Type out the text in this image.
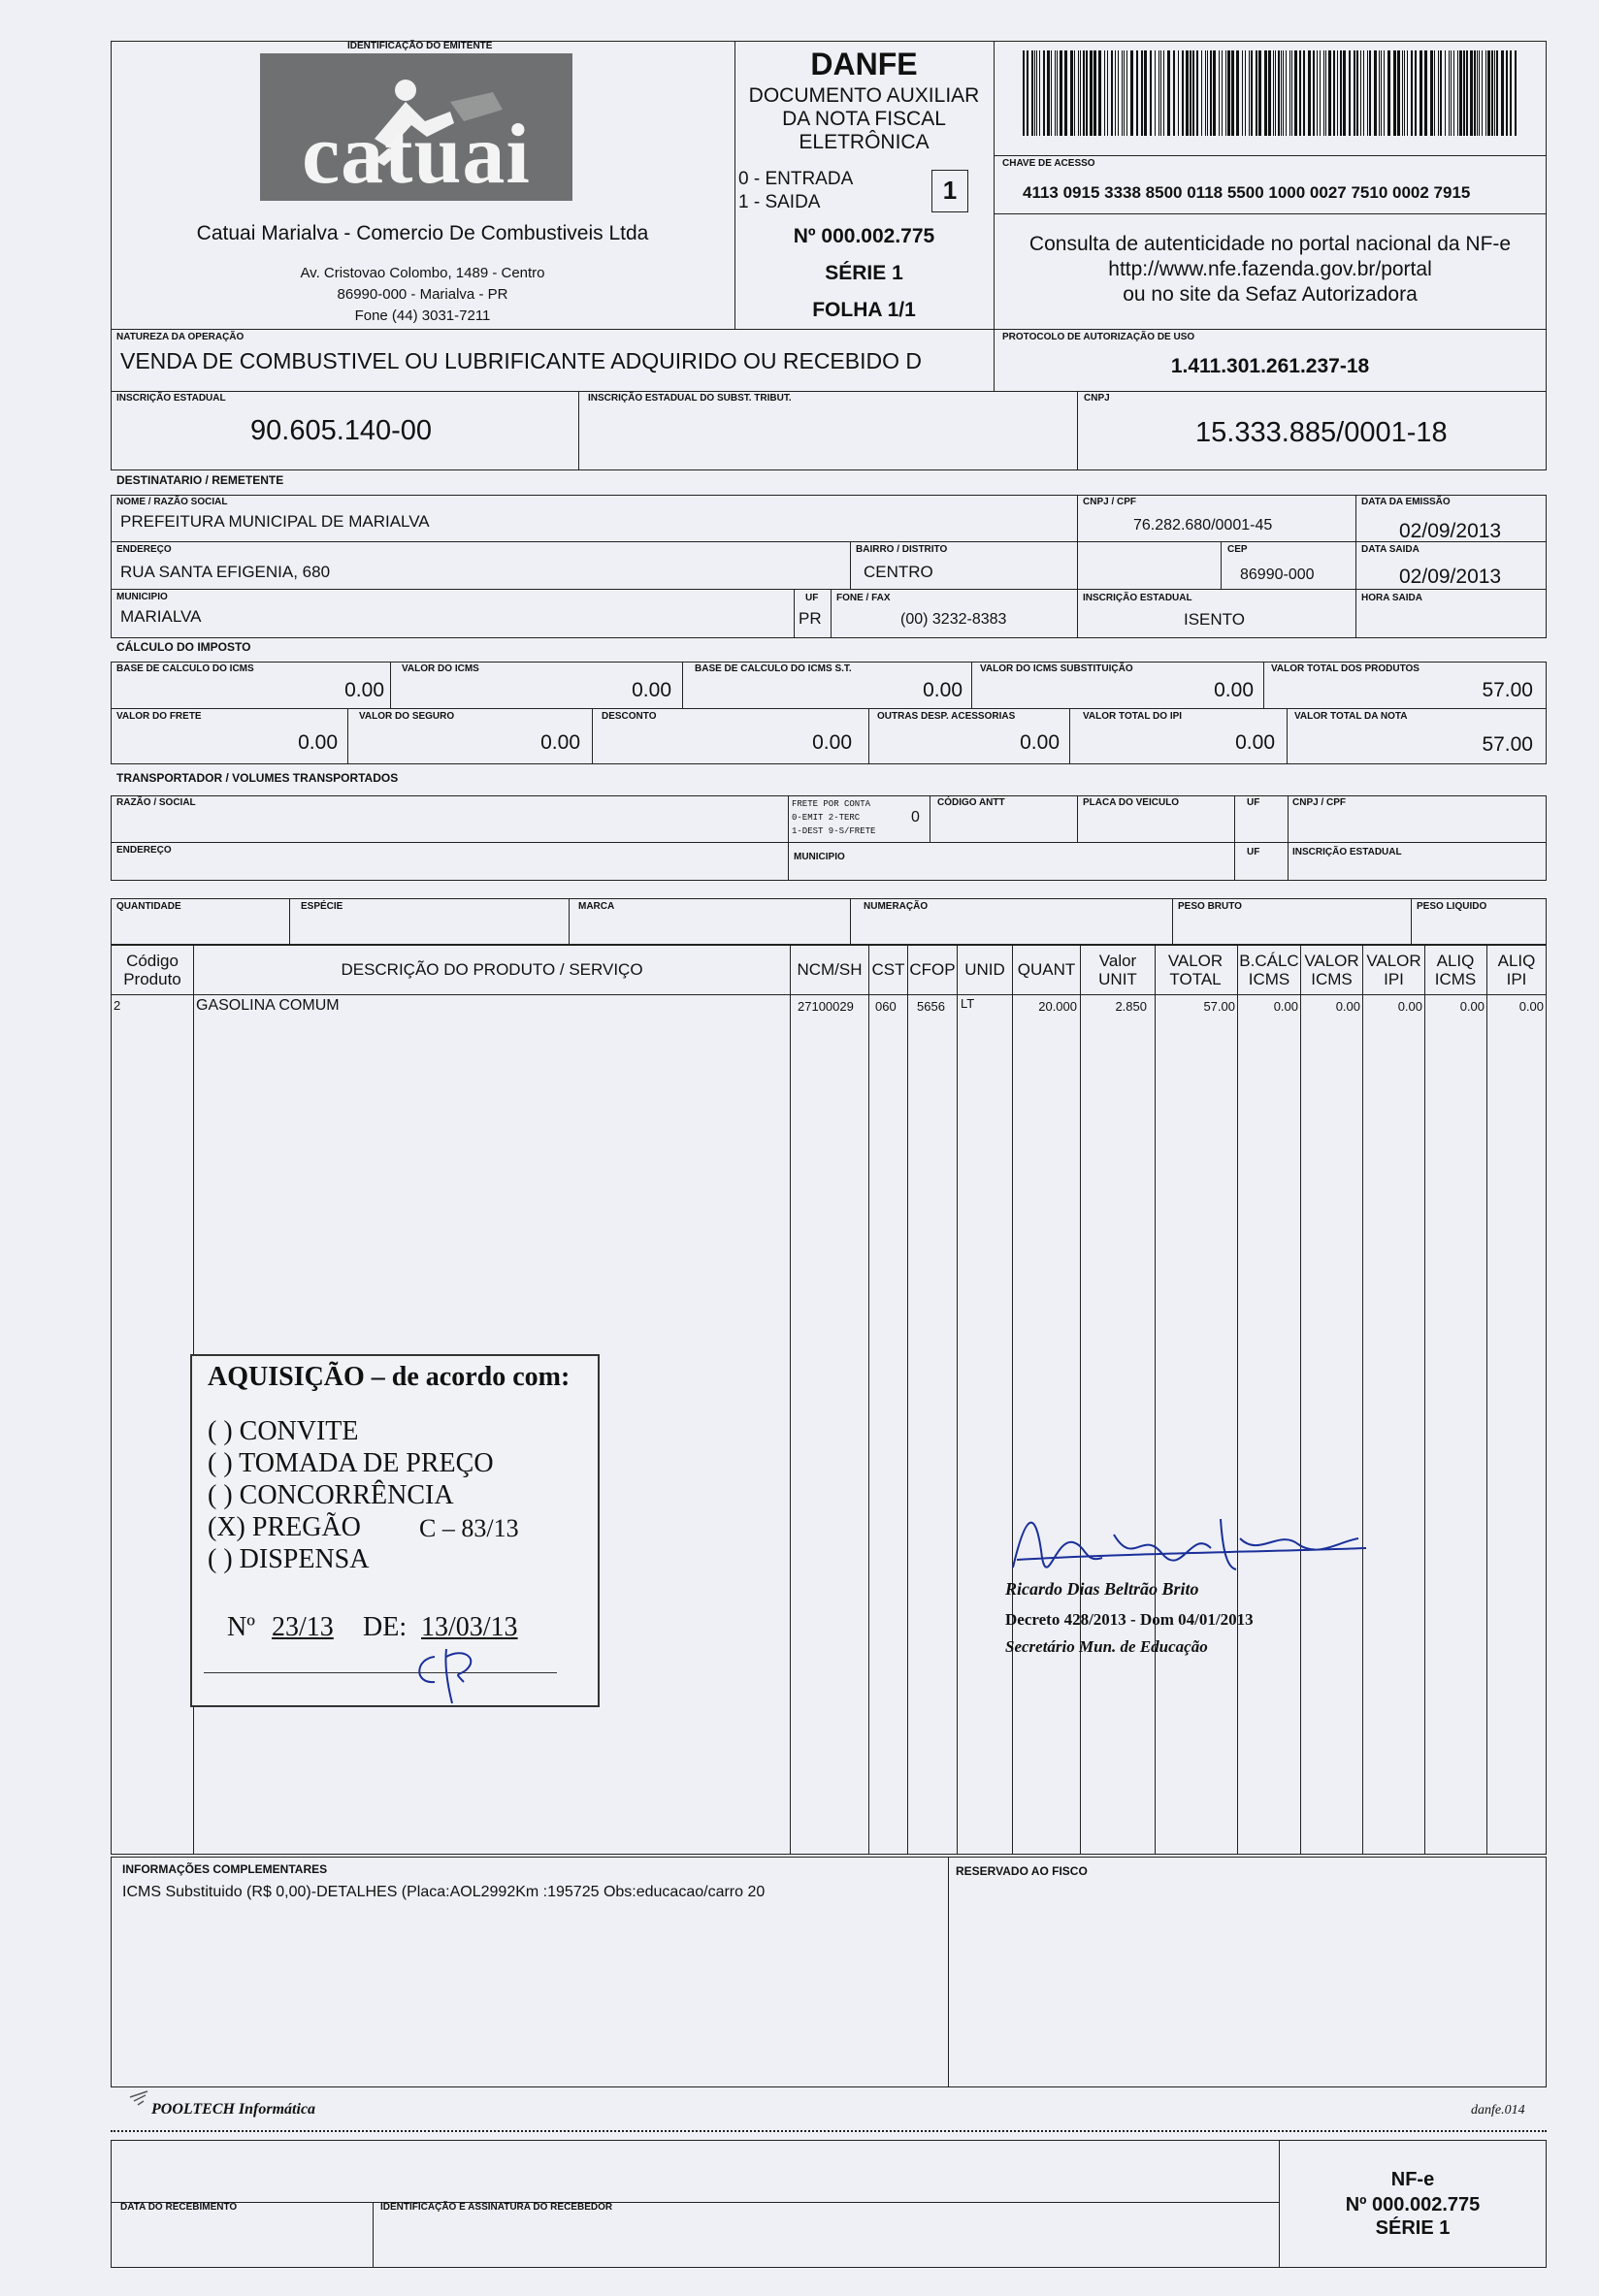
IDENTIFICAÇÃO DO EMITENTE
catuai
Catuai Marialva - Comercio De Combustiveis Ltda
Av. Cristovao Colombo, 1489 - Centro
86990-000 - Marialva - PR
Fone (44) 3031-7211
DANFE
DOCUMENTO AUXILIAR
DA NOTA FISCAL
ELETRÔNICA
0 - ENTRADA
1 - SAIDA	1
Nº 000.002.775
SÉRIE 1
FOLHA 1/1
CHAVE DE ACESSO
4113 0915 3338 8500 0118 5500 1000 0027 7510 0002 7915
Consulta de autenticidade no portal nacional da NF-e
http://www.nfe.fazenda.gov.br/portal
ou no site da Sefaz Autorizadora
NATUREZA DA OPERAÇÃO
VENDA DE COMBUSTIVEL OU LUBRIFICANTE ADQUIRIDO OU RECEBIDO D
PROTOCOLO DE AUTORIZAÇÃO DE USO
1.411.301.261.237-18
INSCRIÇÃO ESTADUAL
90.605.140-00
INSCRIÇÃO ESTADUAL DO SUBST. TRIBUT.	CNPJ
15.333.885/0001-18
DESTINATARIO / REMETENTE
NOME / RAZÃO SOCIAL
PREFEITURA MUNICIPAL DE MARIALVA
CNPJ / CPF
76.282.680/0001-45
DATA DA EMISSÃO
02/09/2013
ENDEREÇO
RUA SANTA EFIGENIA, 680
BAIRRO / DISTRITO
CENTRO
CEP
86990-000
DATA SAIDA
02/09/2013
MUNICIPIO
MARIALVA
UF
PR
FONE / FAX
(00) 3232-8383
INSCRIÇÃO ESTADUAL
ISENTO
HORA SAIDA
CÁLCULO DO IMPOSTO
BASE DE CALCULO DO ICMS
0.00
VALOR DO ICMS
0.00
BASE DE CALCULO DO ICMS S.T.
0.00
VALOR DO ICMS SUBSTITUIÇÃO
0.00
VALOR TOTAL DOS PRODUTOS
57.00
VALOR DO FRETE
0.00
VALOR DO SEGURO
0.00
DESCONTO
0.00
OUTRAS DESP. ACESSORIAS
0.00
VALOR TOTAL DO IPI
0.00
VALOR TOTAL DA NOTA
57.00
TRANSPORTADOR / VOLUMES TRANSPORTADOS
RAZÃO / SOCIAL	FRETE POR CONTA
0-EMIT 2-TERC
1-DEST 9-S/FRETE
0
CÓDIGO ANTT	PLACA DO VEICULO	UF	CNPJ / CPF
ENDEREÇO
MUNICIPIO	UF	INSCRIÇÃO ESTADUAL
QUANTIDADE	ESPÉCIE	MARCA	NUMERAÇÃO	PESO BRUTO	PESO LIQUIDO
Código Produto
DESCRIÇÃO DO PRODUTO / SERVIÇO	NCM/SH CST CFOP UNID QUANT	Valor UNIT
VALOR TOTAL
B.CÁLC ICMS
VALOR ICMS
VALOR IPI
ALIQ ICMS
ALIQ IPI
2	GASOLINA COMUM	27100029 060 5656 LT	20.000	2.850	57.00	0.00	0.00	0.00	0.00	0.00
AQUISIÇÃO – de acordo com:
( ) CONVITE
( ) TOMADA DE PREÇO
( ) CONCORRÊNCIA
(X) PREGÃO C – 83/13
( ) DISPENSA
Nº 23/13 DE: 13/03/13
Ricardo Dias Beltrão Brito
Decreto 428/2013 - Dom 04/01/2013
Secretário Mun. de Educação
INFORMAÇÕES COMPLEMENTARES
ICMS Substituido (R$ 0,00)-DETALHES (Placa:AOL2992Km :195725 Obs:educacao/carro 20
RESERVADO AO FISCO
POOLTECH Informática	danfe.014
DATA DO RECEBIMENTO	IDENTIFICAÇÃO E ASSINATURA DO RECEBEDOR
NF-e
Nº 000.002.775
SÉRIE 1
